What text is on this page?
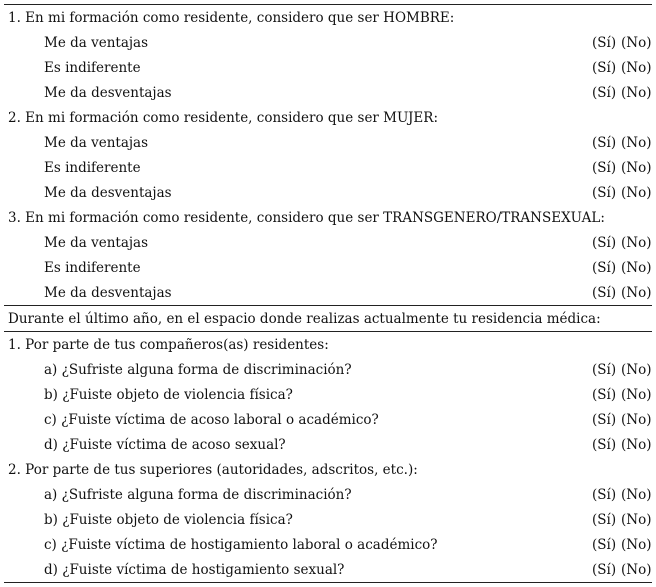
1. En mi formación como residente, considero que ser HOMBRE:
Me da ventajas	(Sí) (No)
Es indiferente	(Sí) (No)
Me da desventajas	(Sí) (No)
2. En mi formación como residente, considero que ser MUJER:
Me da ventajas	(Sí) (No)
Es indiferente	(Sí) (No)
Me da desventajas	(Sí) (No)
3. En mi formación como residente, considero que ser TRANSGENERO/TRANSEXUAL:
Me da ventajas	(Sí) (No)
Es indiferente	(Sí) (No)
Me da desventajas	(Sí) (No)
Durante el último año, en el espacio donde realizas actualmente tu residencia médica:
1. Por parte de tus compañeros(as) residentes:
a) ¿Sufriste alguna forma de discriminación?	(Sí) (No)
b) ¿Fuiste objeto de violencia física?	(Sí) (No)
c) ¿Fuiste víctima de acoso laboral o académico?	(Sí) (No)
d) ¿Fuiste víctima de acoso sexual?	(Sí) (No)
2. Por parte de tus superiores (autoridades, adscritos, etc.):
a) ¿Sufriste alguna forma de discriminación?	(Sí) (No)
b) ¿Fuiste objeto de violencia física?	(Sí) (No)
c) ¿Fuiste víctima de hostigamiento laboral o académico?	(Sí) (No)
d) ¿Fuiste víctima de hostigamiento sexual?	(Sí) (No)
